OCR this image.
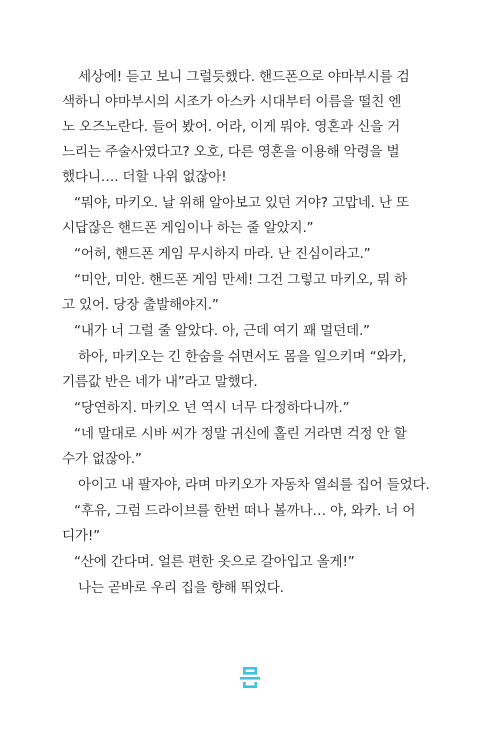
세상에! 듣고 보니 그럴듯했다. 핸드폰으로 야마부시를 검
색하니 야마부시의 시조가 아스카 시대부터 이름을 떨친 엔
노 오즈노란다. 들어 봤어. 어라, 이게 뭐야. 영혼과 신을 거
느리는 주술사였다고? 오호, 다른 영혼을 이용해 악령을 벌
했다니…. 더할 나위 없잖아!
“뭐야, 마키오. 날 위해 알아보고 있던 거야? 고맙네. 난 또
시답잖은 핸드폰 게임이나 하는 줄 알았지.”
“어허, 핸드폰 게임 무시하지 마라. 난 진심이라고.”
“미안, 미안. 핸드폰 게임 만세! 그건 그렇고 마키오, 뭐 하
고 있어. 당장 출발해야지.”
“내가 너 그럴 줄 알았다. 아, 근데 여기 꽤 멀던데.”
하아, 마키오는 긴 한숨을 쉬면서도 몸을 일으키며 “와카,
기름값 반은 네가 내”라고 말했다.
“당연하지. 마키오 넌 역시 너무 다정하다니까.”
“네 말대로 시바 씨가 정말 귀신에 홀린 거라면 걱정 안 할
수가 없잖아.”
아이고 내 팔자야, 라며 마키오가 자동차 열쇠를 집어 들었다.
“후유, 그럼 드라이브를 한번 떠나 볼까나… 야, 와카. 너 어
디가!”
“산에 간다며. 얼른 편한 옷으로 갈아입고 올게!”
나는 곧바로 우리 집을 향해 뛰었다.
